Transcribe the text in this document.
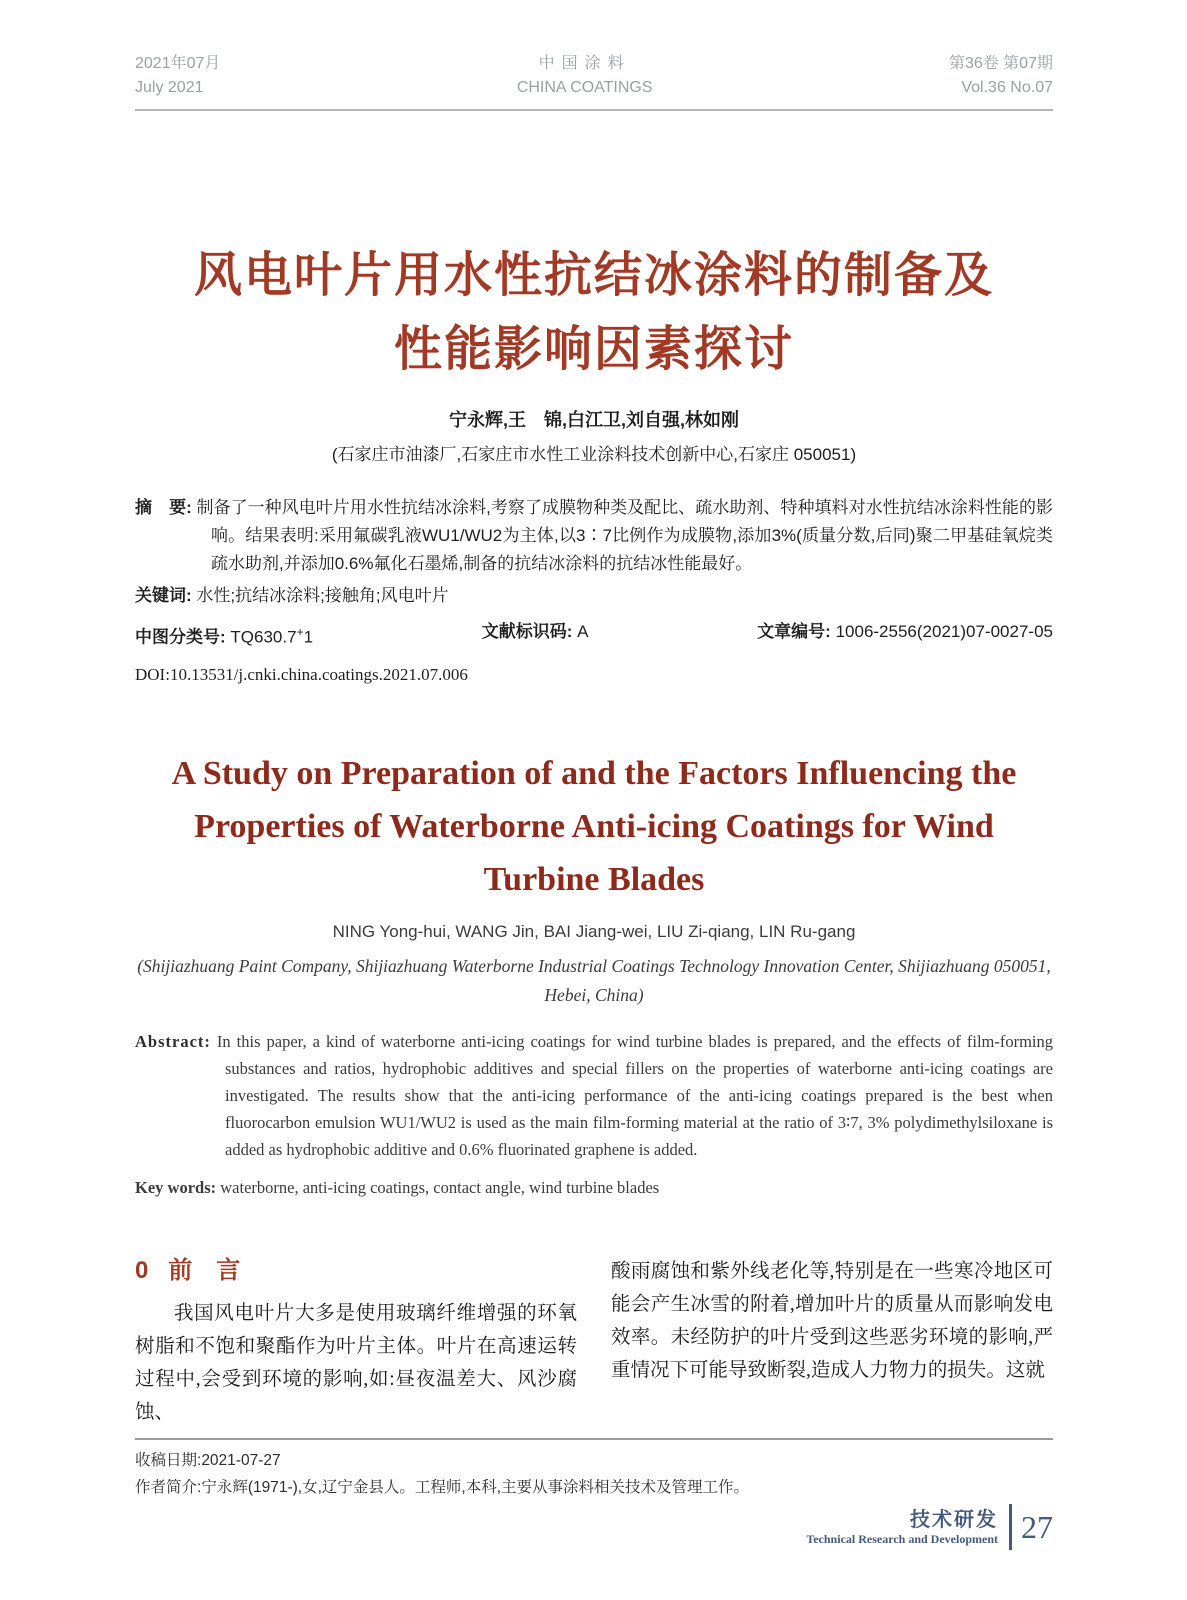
2021年07月
July 2021
中国涂料
CHINA COATINGS
第36卷 第07期
Vol.36 No.07
风电叶片用水性抗结冰涂料的制备及
性能影响因素探讨
宁永辉,王　锦,白江卫,刘自强,林如刚
(石家庄市油漆厂,石家庄市水性工业涂料技术创新中心,石家庄 050051)
摘　要: 制备了一种风电叶片用水性抗结冰涂料,考察了成膜物种类及配比、疏水助剂、特种填料对水性抗结冰涂料性能的影响。结果表明:采用氟碳乳液WU1/WU2为主体,以3∶7比例作为成膜物,添加3%(质量分数,后同)聚二甲基硅氧烷类疏水助剂,并添加0.6%氟化石墨烯,制备的抗结冰涂料的抗结冰性能最好。
关键词: 水性;抗结冰涂料;接触角;风电叶片
中图分类号: TQ630.7+1	文献标识码: A	文章编号: 1006-2556(2021)07-0027-05
DOI:10.13531/j.cnki.china.coatings.2021.07.006
A Study on Preparation of and the Factors Influencing the
Properties of Waterborne Anti-icing Coatings for Wind
Turbine Blades
NING Yong-hui, WANG Jin, BAI Jiang-wei, LIU Zi-qiang, LIN Ru-gang
(Shijiazhuang Paint Company, Shijiazhuang Waterborne Industrial Coatings Technology Innovation Center, Shijiazhuang 050051, Hebei, China)
Abstract: In this paper, a kind of waterborne anti-icing coatings for wind turbine blades is prepared, and the effects of film-forming substances and ratios, hydrophobic additives and special fillers on the properties of waterborne anti-icing coatings are investigated. The results show that the anti-icing performance of the anti-icing coatings prepared is the best when fluorocarbon emulsion WU1/WU2 is used as the main film-forming material at the ratio of 3∶7, 3% polydimethylsiloxane is added as hydrophobic additive and 0.6% fluorinated graphene is added.
Key words: waterborne, anti-icing coatings, contact angle, wind turbine blades
0 前　言

我国风电叶片大多是使用玻璃纤维增强的环氧树脂和不饱和聚酯作为叶片主体。叶片在高速运转过程中,会受到环境的影响,如:昼夜温差大、风沙腐蚀、

酸雨腐蚀和紫外线老化等,特别是在一些寒冷地区可能会产生冰雪的附着,增加叶片的质量从而影响发电效率。未经防护的叶片受到这些恶劣环境的影响,严重情况下可能导致断裂,造成人力物力的损失。这就

收稿日期:2021-07-27
作者简介:宁永辉(1971-),女,辽宁金县人。工程师,本科,主要从事涂料相关技术及管理工作。
技术研发
Technical Research and Development 27
